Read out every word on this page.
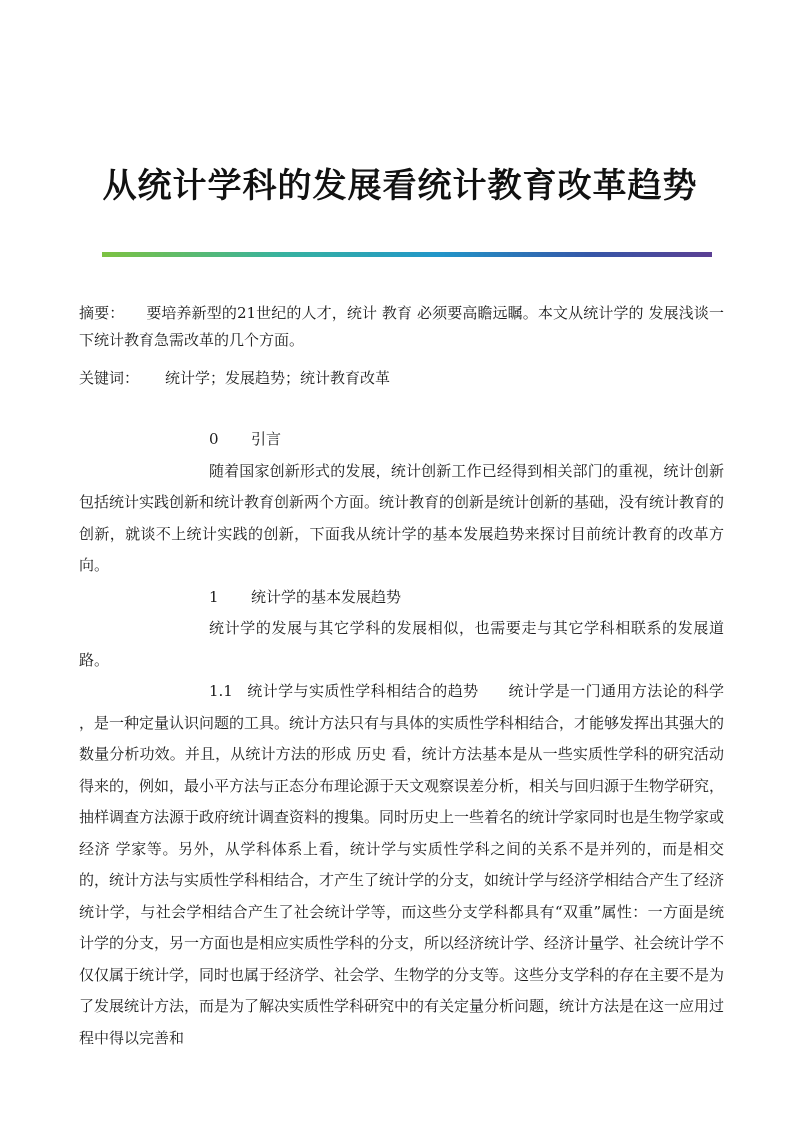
从统计学科的发展看统计教育改革趋势
摘要： 要培养新型的21世纪的人才，统计 教育 必须要高瞻远瞩。本文从统计学的 发展浅谈一下统计教育急需改革的几个方面。
关键词： 统计学；发展趋势；统计教育改革

0 引言

随着国家创新形式的发展，统计创新工作已经得到相关部门的重视，统计创新包括统计实践创新和统计教育创新两个方面。统计教育的创新是统计创新的基础，没有统计教育的创新，就谈不上统计实践的创新，下面我从统计学的基本发展趋势来探讨目前统计教育的改革方向。

1 统计学的基本发展趋势

统计学的发展与其它学科的发展相似，也需要走与其它学科相联系的发展道路。

1.1 统计学与实质性学科相结合的趋势 统计学是一门通用方法论的科学 ，是一种定量认识问题的工具。统计方法只有与具体的实质性学科相结合，才能够发挥出其强大的数量分析功效。并且，从统计方法的形成 历史 看，统计方法基本是从一些实质性学科的研究活动得来的，例如，最小平方法与正态分布理论源于天文观察误差分析，相关与回归源于生物学研究，抽样调查方法源于政府统计调查资料的搜集。同时历史上一些着名的统计学家同时也是生物学家或 经济 学家等。另外，从学科体系上看，统计学与实质性学科之间的关系不是并列的，而是相交的，统计方法与实质性学科相结合，才产生了统计学的分支，如统计学与经济学相结合产生了经济统计学，与社会学相结合产生了社会统计学等，而这些分支学科都具有“双重”属性：一方面是统计学的分支，另一方面也是相应实质性学科的分支，所以经济统计学、经济计量学、社会统计学不仅仅属于统计学，同时也属于经济学、社会学、生物学的分支等。这些分支学科的存在主要不是为了发展统计方法，而是为了解决实质性学科研究中的有关定量分析问题，统计方法是在这一应用过程中得以完善和
